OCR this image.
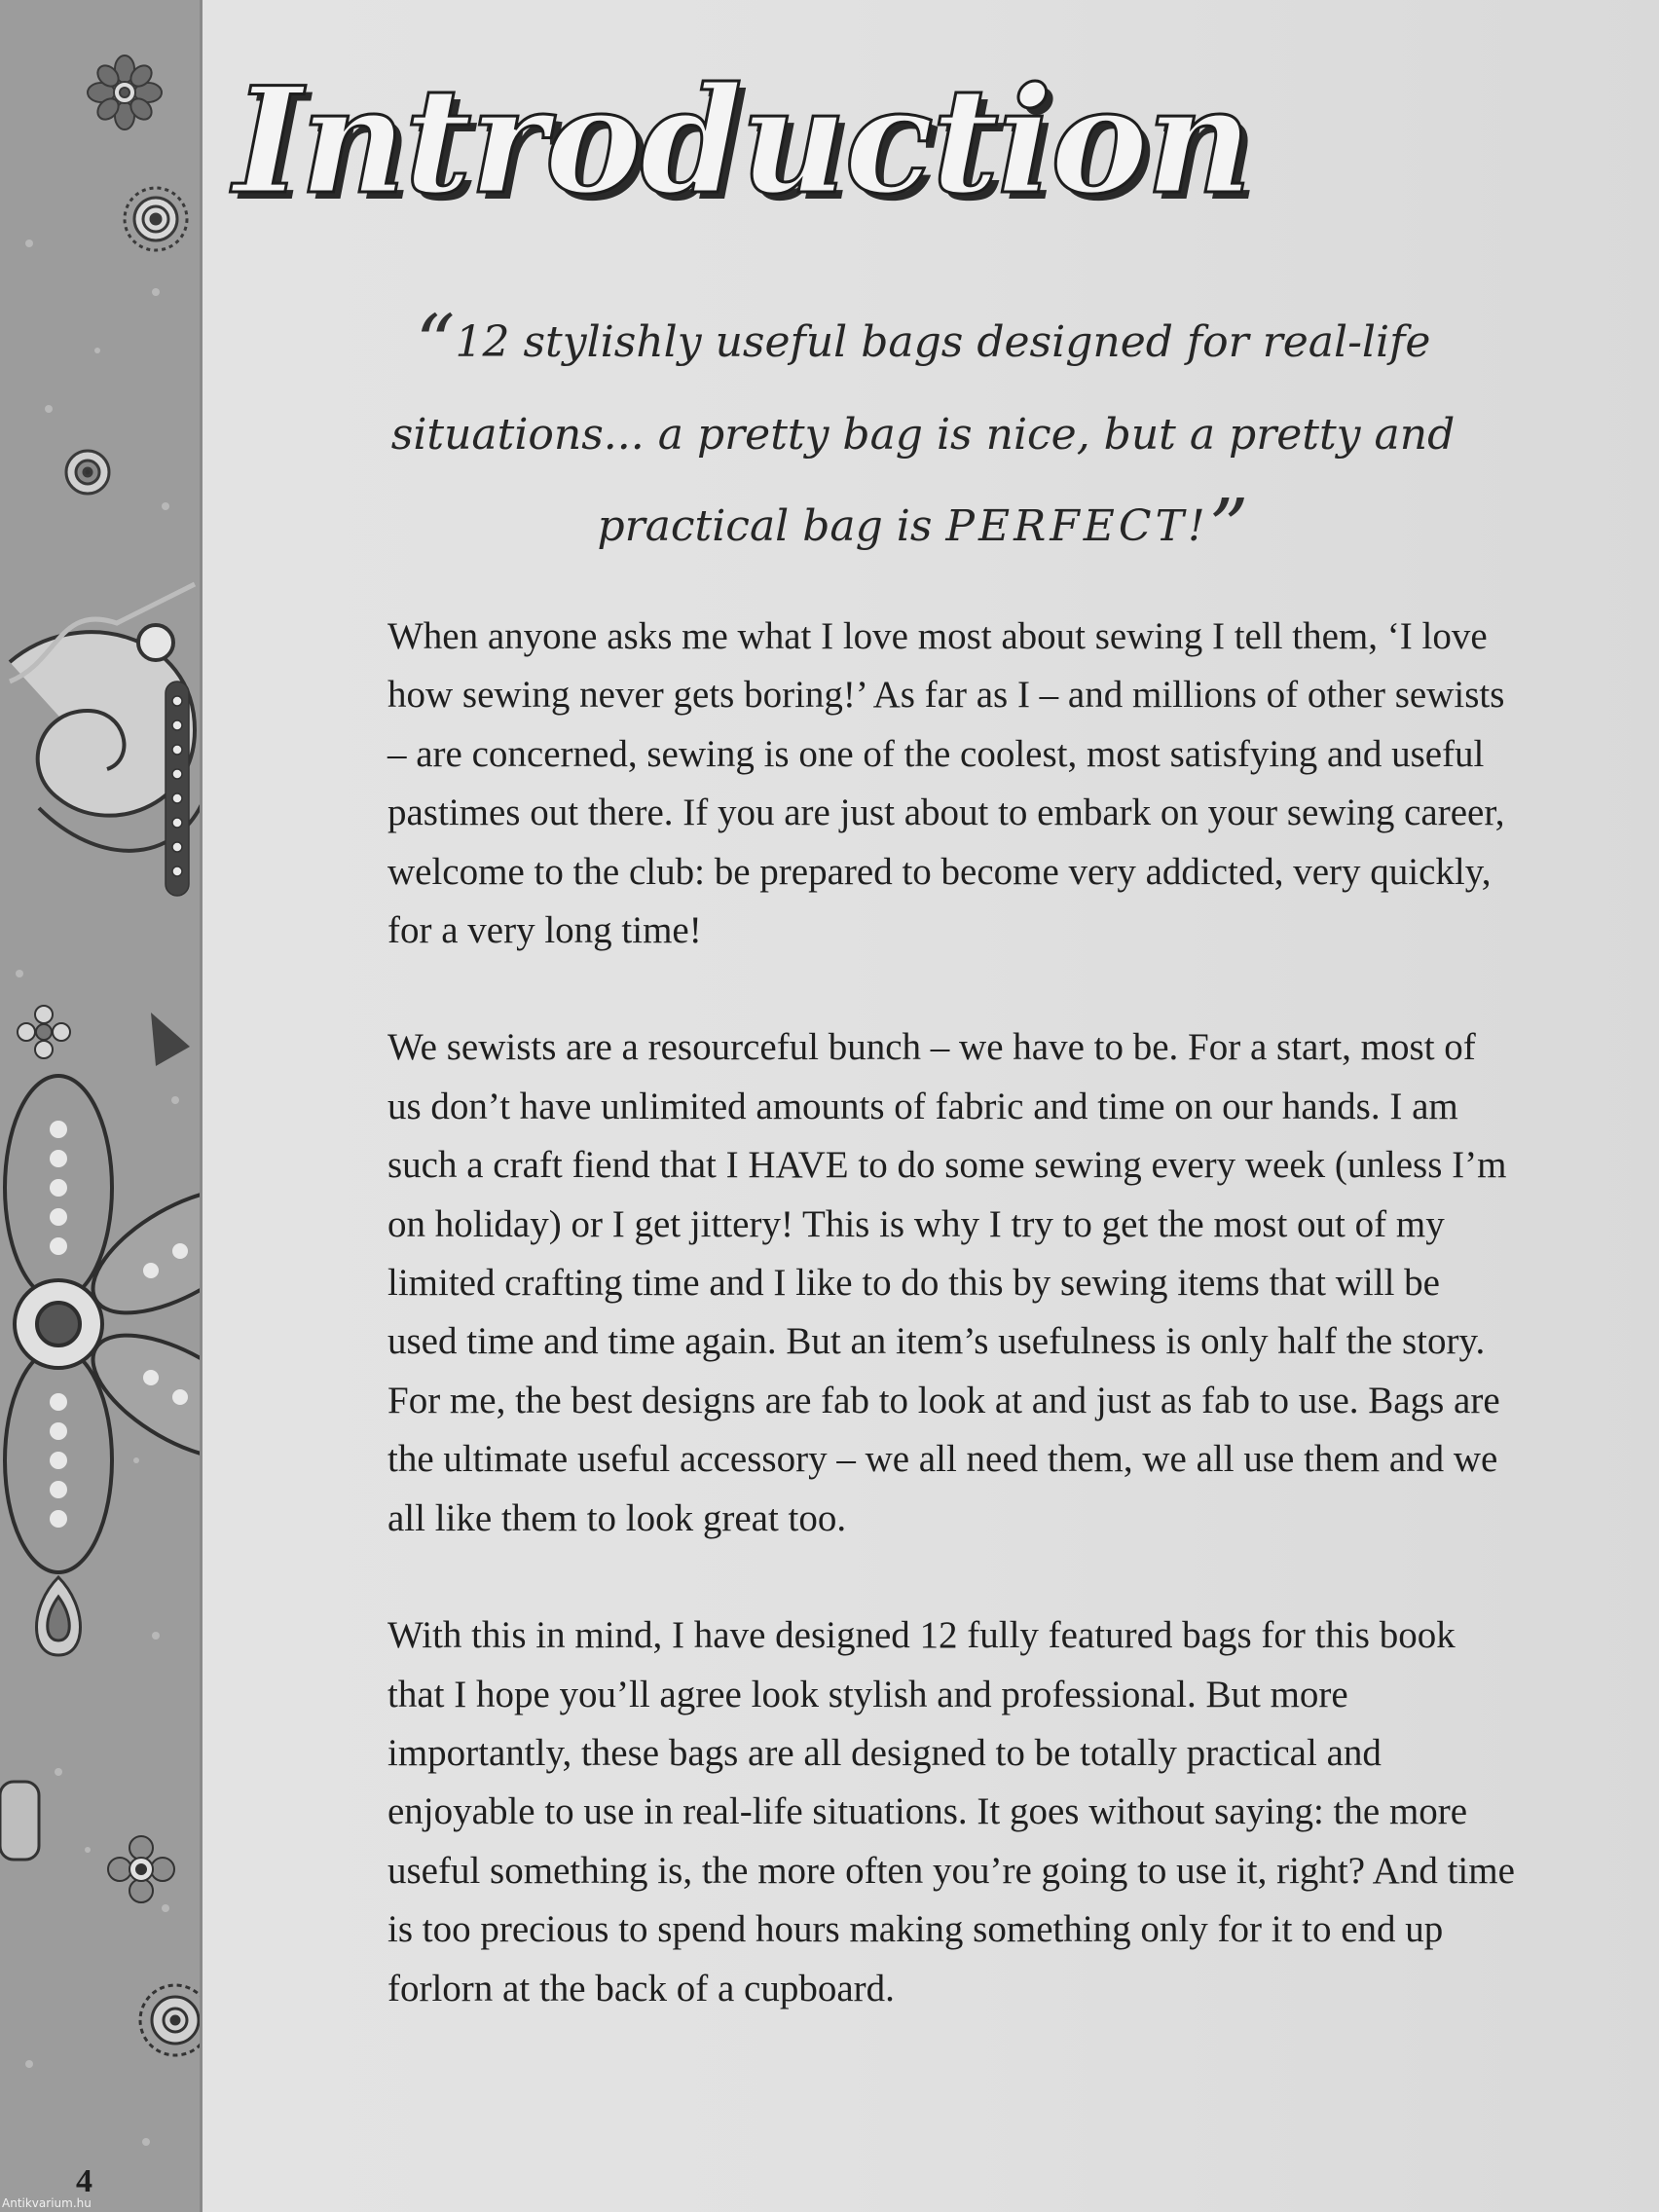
Introduction
“12 stylishly useful bags designed for real-life situations... a pretty bag is nice, but a pretty and practical bag is PERFECT!”

When anyone asks me what I love most about sewing I tell them, ‘I love how sewing never gets boring!’ As far as I – and millions of other sewists – are concerned, sewing is one of the coolest, most satisfying and useful pastimes out there. If you are just about to embark on your sewing career, welcome to the club: be prepared to become very addicted, very quickly, for a very long time!

We sewists are a resourceful bunch – we have to be. For a start, most of us don’t have unlimited amounts of fabric and time on our hands. I am such a craft fiend that I HAVE to do some sewing every week (unless I’m on holiday) or I get jittery! This is why I try to get the most out of my limited crafting time and I like to do this by sewing items that will be used time and time again. But an item’s usefulness is only half the story. For me, the best designs are fab to look at and just as fab to use. Bags are the ultimate useful accessory – we all need them, we all use them and we all like them to look great too.

With this in mind, I have designed 12 fully featured bags for this book that I hope you’ll agree look stylish and professional. But more importantly, these bags are all designed to be totally practical and enjoyable to use in real-life situations. It goes without saying: the more useful something is, the more often you’re going to use it, right? And time is too precious to spend hours making something only for it to end up forlorn at the back of a cupboard.

4
Antikvarium.hu
